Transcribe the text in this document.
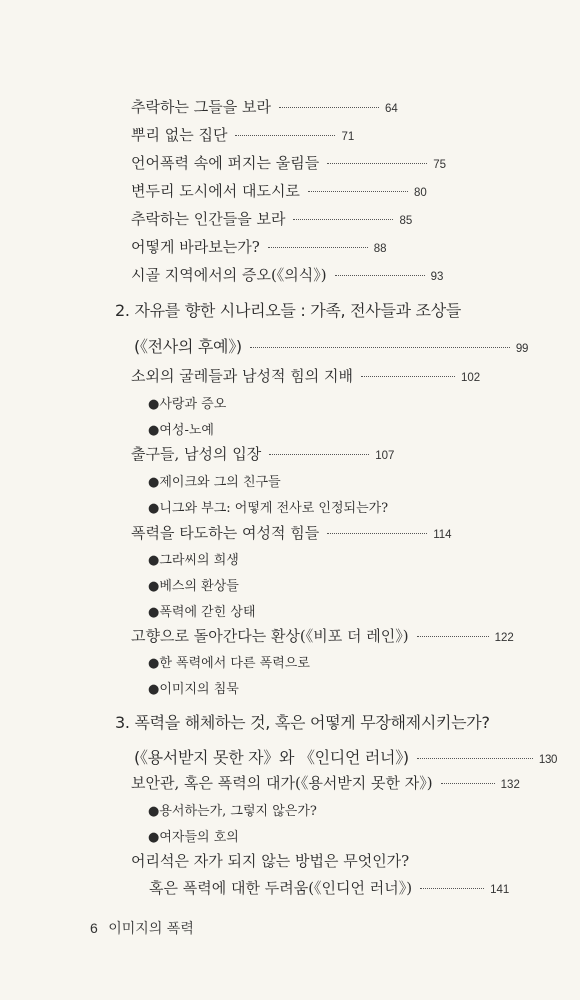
추락하는 그들을 보라	64
뿌리 없는 집단	71
언어폭력 속에 퍼지는 울림들	75
변두리 도시에서 대도시로	80
추락하는 인간들을 보라	85
어떻게 바라보는가?	88
시골 지역에서의 증오(《의식》)	93
2. 자유를 향한 시나리오들 : 가족, 전사들과 조상들
(《전사의 후예》)	99
소외의 굴레들과 남성적 힘의 지배	102
●사랑과 증오
●여성-노예
출구들, 남성의 입장	107
●제이크와 그의 친구들
●니그와 부그: 어떻게 전사로 인정되는가?
폭력을 타도하는 여성적 힘들	114
●그라씨의 희생
●베스의 환상들
●폭력에 갇힌 상태
고향으로 돌아간다는 환상(《비포 더 레인》)	122
●한 폭력에서 다른 폭력으로
●이미지의 침묵
3. 폭력을 해체하는 것, 혹은 어떻게 무장해제시키는가?
(《용서받지 못한 자》와 《인디언 러너》)	130
보안관, 혹은 폭력의 대가(《용서받지 못한 자》)	132
●용서하는가, 그렇지 않은가?
●여자들의 호의
어리석은 자가 되지 않는 방법은 무엇인가?
혹은 폭력에 대한 두려움(《인디언 러너》)	141
6 이미지의 폭력
